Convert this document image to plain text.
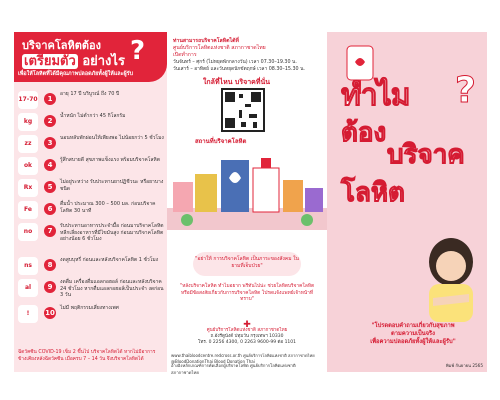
บริจาคโลหิตต้อง
เตรียมตัว อย่างไร ?
เพื่อให้โลหิตที่ได้มีคุณภาพปลอดภัยทั้งผู้ให้และผู้รับ
17-70	1
อายุ 17 ปี บริบูรณ์ ถึง 70 ปี
kg	2
น้ำหนัก ไม่ต่ำกว่า 45 กิโลกรัม
zz	3
นอนหลับพักผ่อนให้เพียงพอ ไม่น้อยกว่า 5 ชั่วโมง
ok	4
รู้สึกสบายดี สุขภาพแข็งแรง พร้อมบริจาคโลหิต
Rx	5
ไม่อยู่ระหว่าง รับประทานยาปฏิชีวนะ หรือยาบางชนิด
Fe	6
ดื่มน้ำ ประมาณ 300 – 500 มล. ก่อนบริจาคโลหิต 30 นาที
no	7
รับประทานอาหารประจำมื้อ ก่อนมาบริจาคโลหิต หลีกเลี่ยงอาหารที่มีไขมันสูง ก่อนมาบริจาคโลหิต อย่างน้อย 6 ชั่วโมง
ns	8
งดสูบบุหรี่ ก่อนและหลังบริจาคโลหิต 1 ชั่วโมง
al	9
งดดื่ม เครื่องดื่มแอลกอฮอล์ ก่อนและหลังบริจาค 24 ชั่วโมง หากดื่มแอลกอฮอล์เป็นประจำ งดก่อน 3 วัน
!	10
ไม่มี พฤติกรรมเสี่ยงทางเพศ
ฉีดวัคซีน COVID-19 เข็ม 2 ขึ้นไป บริจาคโลหิตได้ หากไม่มีอาการข้างเคียงหลังฉีดวัคซีน เมื่อครบ 7 – 14 วัน จึงบริจาคโลหิตได้
ท่านสามารถบริจาคโลหิตได้ที่
ศูนย์บริการโลหิตแห่งชาติ สภากาชาดไทย
เปิดทำการ
วันจันทร์ – ศุกร์ (ไม่หยุดพักกลางวัน) เวลา 07.30–19.30 น.
วันเสาร์ – อาทิตย์ และวันหยุดนักขัตฤกษ์ เวลา 08.30–15.30 น.
ใกล้ที่ไหน บริจาคที่นั่น
สถานที่บริจาคโลหิต
"อย่าให้ การบริจาคโลหิต เป็นภาระของสังคม ในยามที่เจ็บป่วย"
"หลังบริจาคโลหิต ทำไมอยาก พรีทันไปน่ะ ช่วยโลหิตบริจาคโลหิต หรือมีข้อสงสัยเกี่ยวกับการบริจาคโลหิต โปรดแจ้งแพทย์เจ้าหน้าที่ทราบ"
✚
ศูนย์บริการโลหิตแห่งชาติ สภากาชาดไทย
ถ.อังรีดูนังต์ ปทุมวัน กรุงเทพฯ 10330
โทร. 0 2256 4300, 0 2263 9600-99 ต่อ 1101
www.thaibloodcentre.redcross.or.th ศูนย์บริการโลหิตแห่งชาติ สภากาชาดไทย @BloodDonationThai Blood Donation Thai
อ้างอิงหลักเกณฑ์การคัดเลือกผู้บริจาคโลหิต ศูนย์บริการโลหิตแห่งชาติ สภากาชาดไทย
ทำไม ?
ต้อง
บริจาค
โลหิต
"โปรดตอบคำถามเกี่ยวกับสุขภาพ
ตามความเป็นจริง
เพื่อความปลอดภัยทั้งผู้ให้และผู้รับ"
พิมพ์ กันยายน 2565
